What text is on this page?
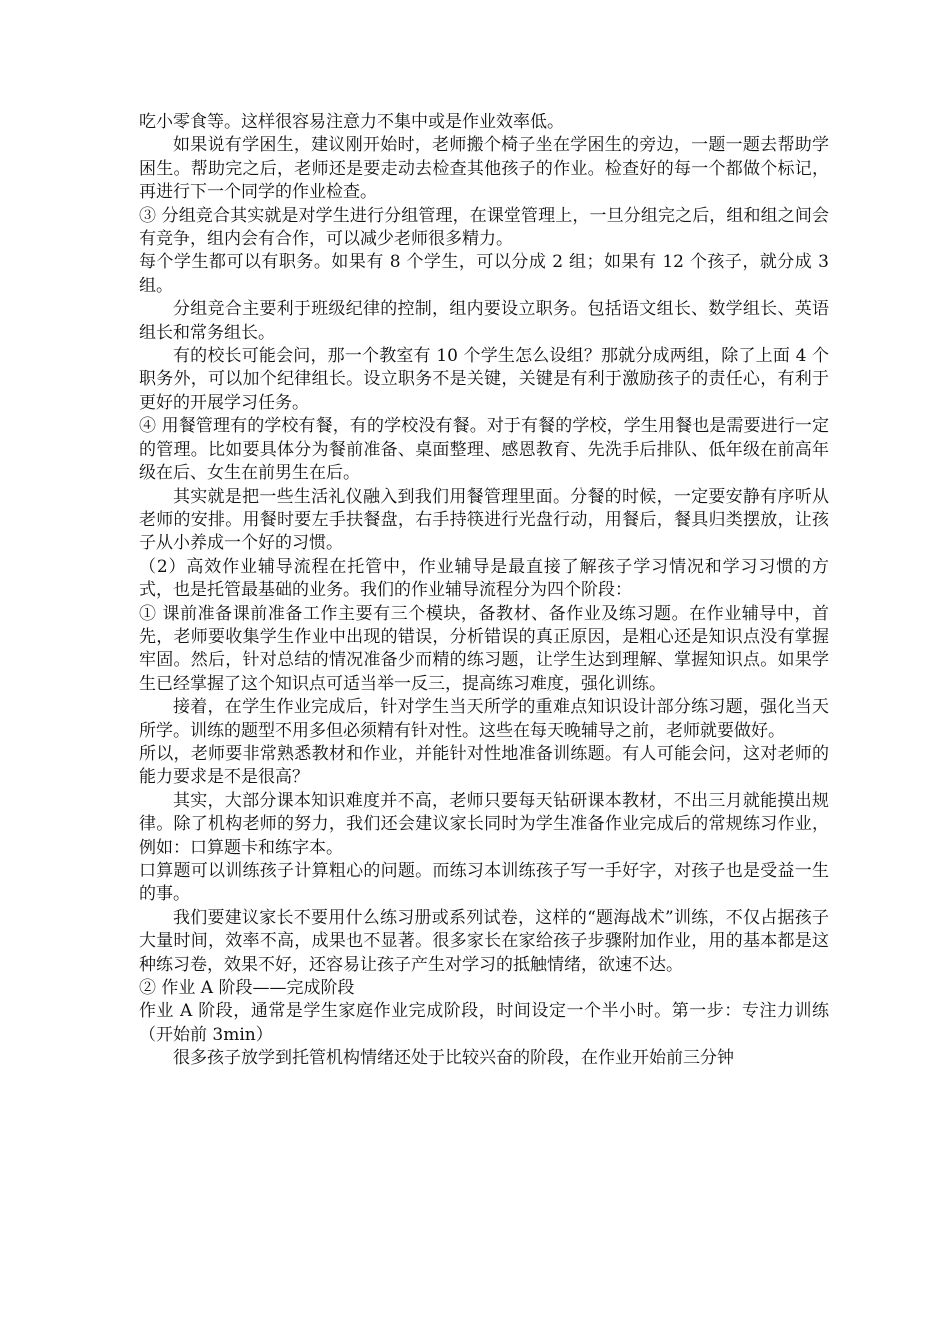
吃小零食等。这样很容易注意力不集中或是作业效率低。

如果说有学困生，建议刚开始时，老师搬个椅子坐在学困生的旁边，一题一题去帮助学困生。帮助完之后，老师还是要走动去检查其他孩子的作业。检查好的每一个都做个标记，再进行下一个同学的作业检查。

③ 分组竞合其实就是对学生进行分组管理，在课堂管理上，一旦分组完之后，组和组之间会有竞争，组内会有合作，可以减少老师很多精力。

每个学生都可以有职务。如果有 8 个学生，可以分成 2 组；如果有 12 个孩子，就分成 3 组。

分组竞合主要利于班级纪律的控制，组内要设立职务。包括语文组长、数学组长、英语组长和常务组长。

有的校长可能会问，那一个教室有 10 个学生怎么设组？那就分成两组，除了上面 4 个职务外，可以加个纪律组长。设立职务不是关键，关键是有利于激励孩子的责任心，有利于更好的开展学习任务。

④ 用餐管理有的学校有餐，有的学校没有餐。对于有餐的学校，学生用餐也是需要进行一定的管理。比如要具体分为餐前准备、桌面整理、感恩教育、先洗手后排队、低年级在前高年级在后、女生在前男生在后。

其实就是把一些生活礼仪融入到我们用餐管理里面。分餐的时候，一定要安静有序听从老师的安排。用餐时要左手扶餐盘，右手持筷进行光盘行动，用餐后，餐具归类摆放，让孩子从小养成一个好的习惯。

（2）高效作业辅导流程在托管中，作业辅导是最直接了解孩子学习情况和学习习惯的方式，也是托管最基础的业务。我们的作业辅导流程分为四个阶段：

① 课前准备课前准备工作主要有三个模块，备教材、备作业及练习题。在作业辅导中，首先，老师要收集学生作业中出现的错误，分析错误的真正原因，是粗心还是知识点没有掌握牢固。然后，针对总结的情况准备少而精的练习题，让学生达到理解、掌握知识点。如果学生已经掌握了这个知识点可适当举一反三，提高练习难度，强化训练。

接着，在学生作业完成后，针对学生当天所学的重难点知识设计部分练习题，强化当天所学。训练的题型不用多但必须精有针对性。这些在每天晚辅导之前，老师就要做好。

所以，老师要非常熟悉教材和作业，并能针对性地准备训练题。有人可能会问，这对老师的能力要求是不是很高？

其实，大部分课本知识难度并不高，老师只要每天钻研课本教材，不出三月就能摸出规律。除了机构老师的努力，我们还会建议家长同时为学生准备作业完成后的常规练习作业，例如：口算题卡和练字本。

口算题可以训练孩子计算粗心的问题。而练习本训练孩子写一手好字，对孩子也是受益一生的事。

我们要建议家长不要用什么练习册或系列试卷，这样的“题海战术”训练，不仅占据孩子大量时间，效率不高，成果也不显著。很多家长在家给孩子步骤附加作业，用的基本都是这种练习卷，效果不好，还容易让孩子产生对学习的抵触情绪，欲速不达。

② 作业 A 阶段——完成阶段

作业 A 阶段，通常是学生家庭作业完成阶段，时间设定一个半小时。第一步：专注力训练（开始前 3min）

很多孩子放学到托管机构情绪还处于比较兴奋的阶段，在作业开始前三分钟
